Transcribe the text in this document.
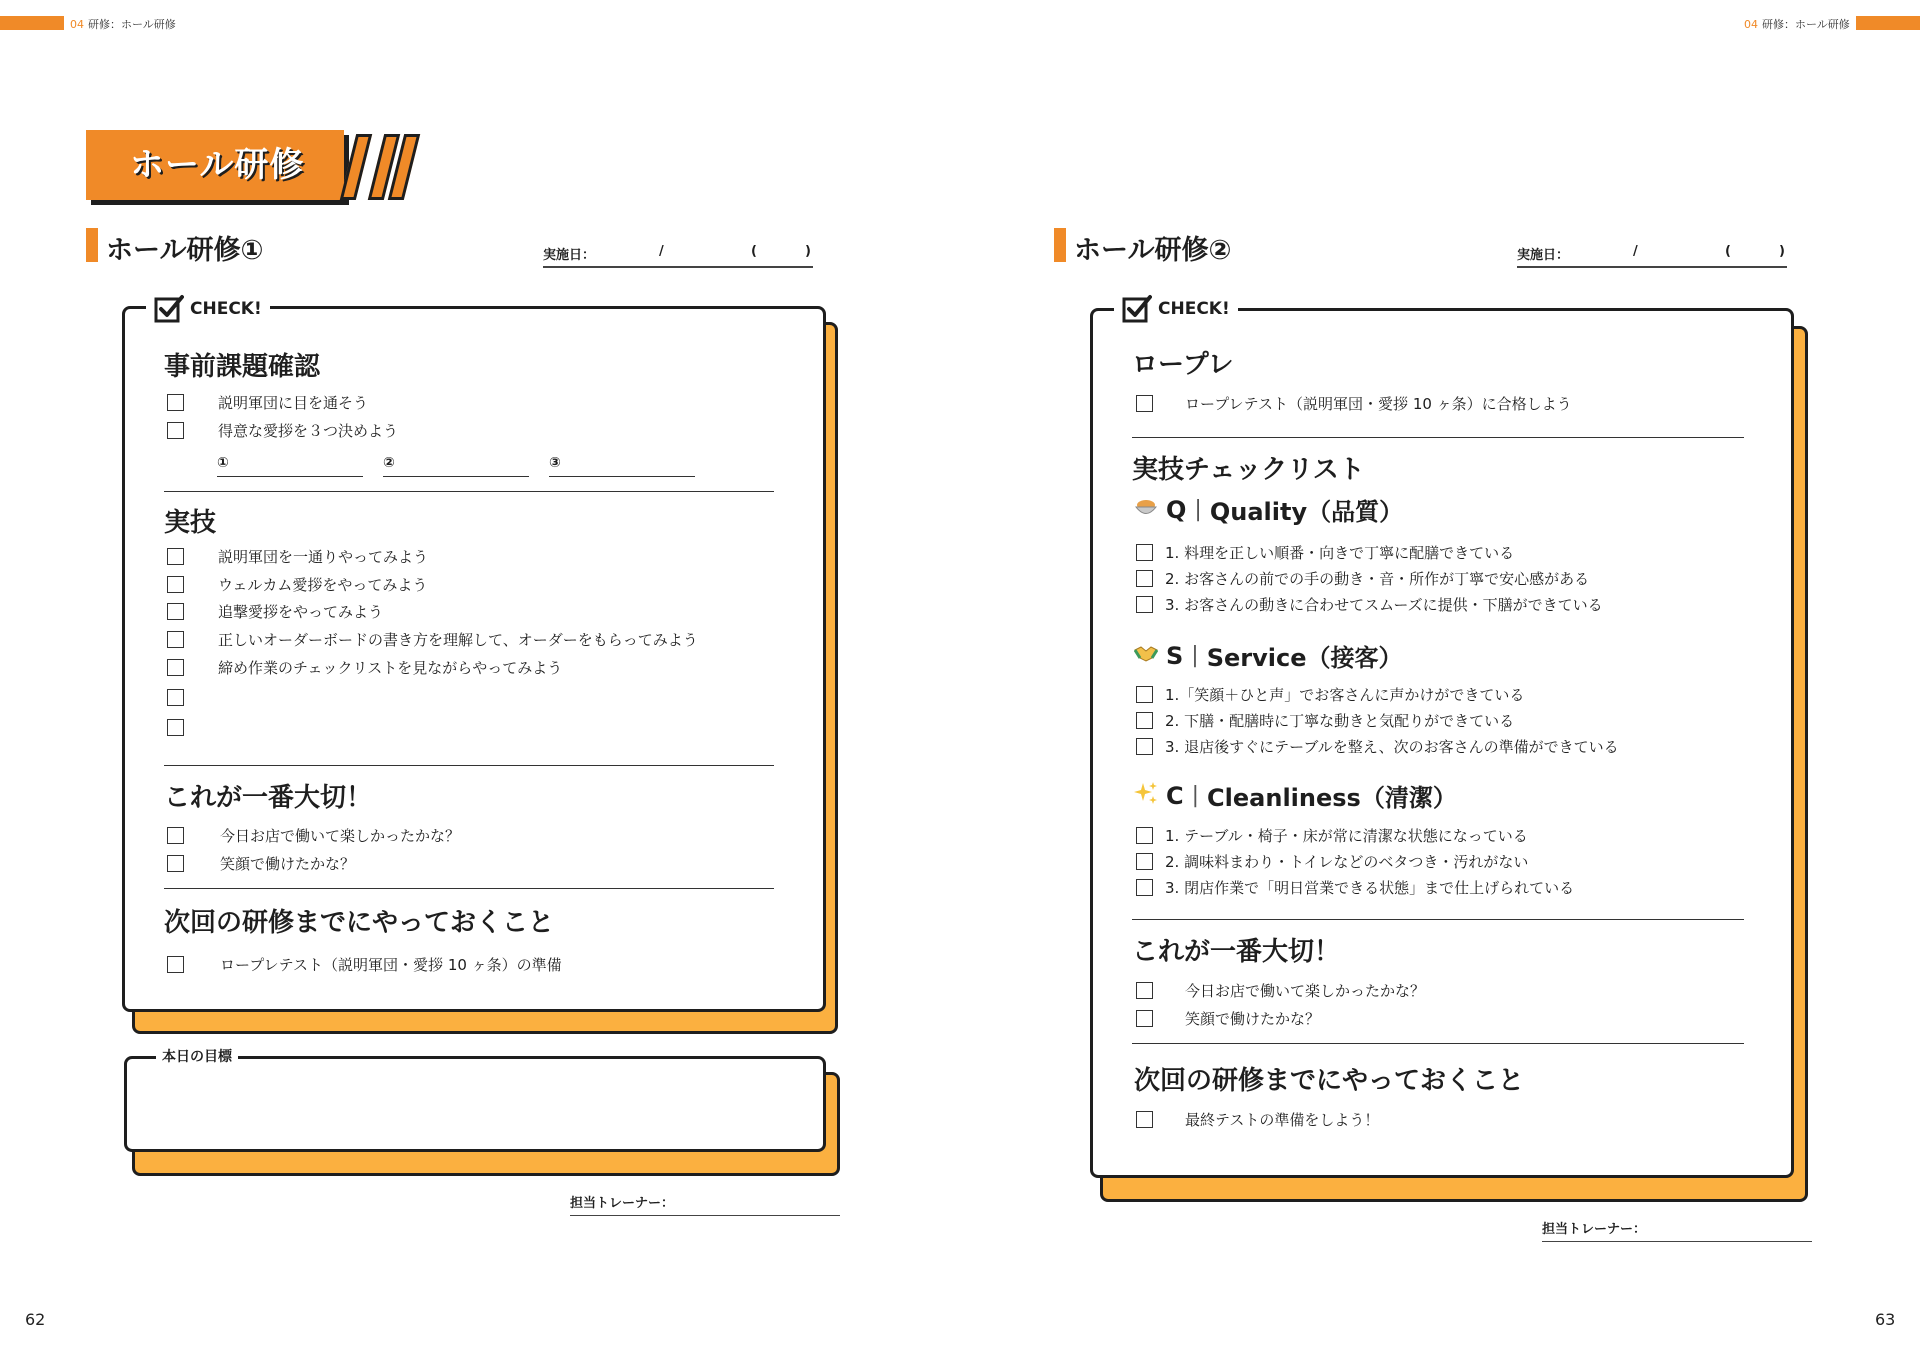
04 研修：ホール研修	04 研修：ホール研修
ホール研修
ホール研修①	実施日：	/	(	)
CHECK!
事前課題確認
説明軍団に目を通そう
得意な愛拶を３つ決めよう
①	②	③
実技
説明軍団を一通りやってみよう
ウェルカム愛拶をやってみよう
追撃愛拶をやってみよう
正しいオーダーボードの書き方を理解して、オーダーをもらってみよう
締め作業のチェックリストを見ながらやってみよう
これが一番大切！
今日お店で働いて楽しかったかな？
笑顔で働けたかな？
次回の研修までにやっておくこと
ロープレテスト（説明軍団・愛拶 10 ヶ条）の準備
本日の目標
担当トレーナー：
62
ホール研修②	実施日：	/	(	)
CHECK!
ロープレ
ロープレテスト（説明軍団・愛拶 10 ヶ条）に合格しよう
実技チェックリスト
Q | Quality（品質）
1. 料理を正しい順番・向きで丁寧に配膳できている
2. お客さんの前での手の動き・音・所作が丁寧で安心感がある
3. お客さんの動きに合わせてスムーズに提供・下膳ができている
S | Service（接客）
1.「笑顔＋ひと声」でお客さんに声かけができている
2. 下膳・配膳時に丁寧な動きと気配りができている
3. 退店後すぐにテーブルを整え、次のお客さんの準備ができている
C | Cleanliness（清潔）
1. テーブル・椅子・床が常に清潔な状態になっている
2. 調味料まわり・トイレなどのベタつき・汚れがない
3. 閉店作業で「明日営業できる状態」まで仕上げられている
これが一番大切！
今日お店で働いて楽しかったかな？
笑顔で働けたかな？
次回の研修までにやっておくこと
最終テストの準備をしよう！
担当トレーナー：
63
